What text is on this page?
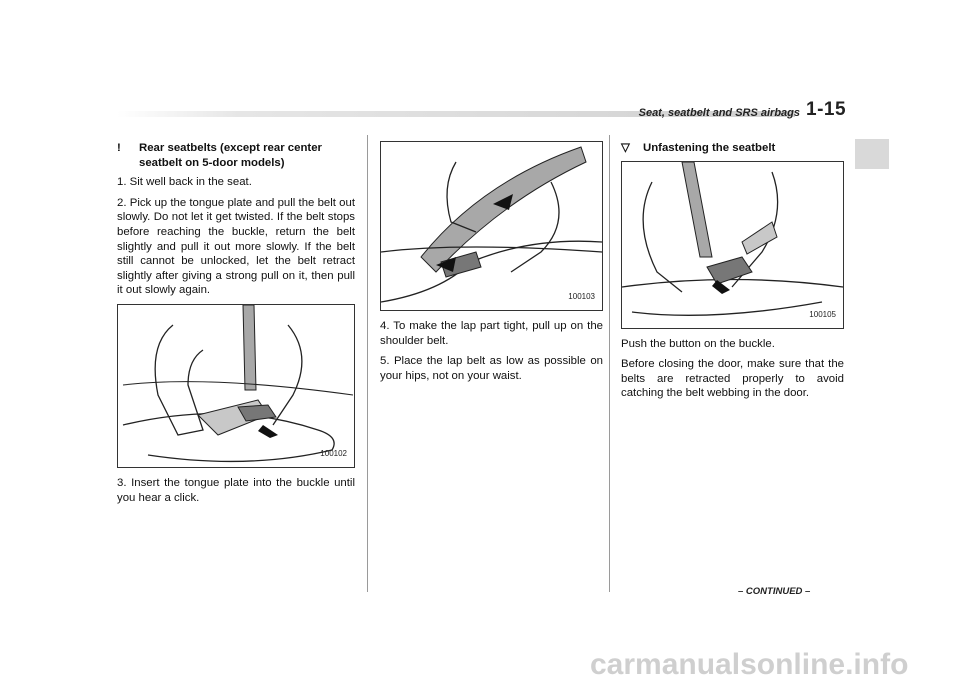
Seat, seatbelt and SRS airbags 1-15
!	Rear seatbelts (except rear center seatbelt on 5-door models)

1. Sit well back in the seat.

2. Pick up the tongue plate and pull the belt out slowly. Do not let it get twisted. If the belt stops before reaching the buckle, return the belt slightly and pull it out more slowly. If the belt still cannot be unlocked, let the belt retract slightly after giving a strong pull on it, then pull it out slowly again.

100102

3. Insert the tongue plate into the buckle until you hear a click.

100103

4. To make the lap part tight, pull up on the shoulder belt.

5. Place the lap belt as low as possible on your hips, not on your waist.

▽	Unfastening the seatbelt
100105

Push the button on the buckle.

Before closing the door, make sure that the belts are retracted properly to avoid catching the belt webbing in the door.

– CONTINUED –
carmanualsonline.info
